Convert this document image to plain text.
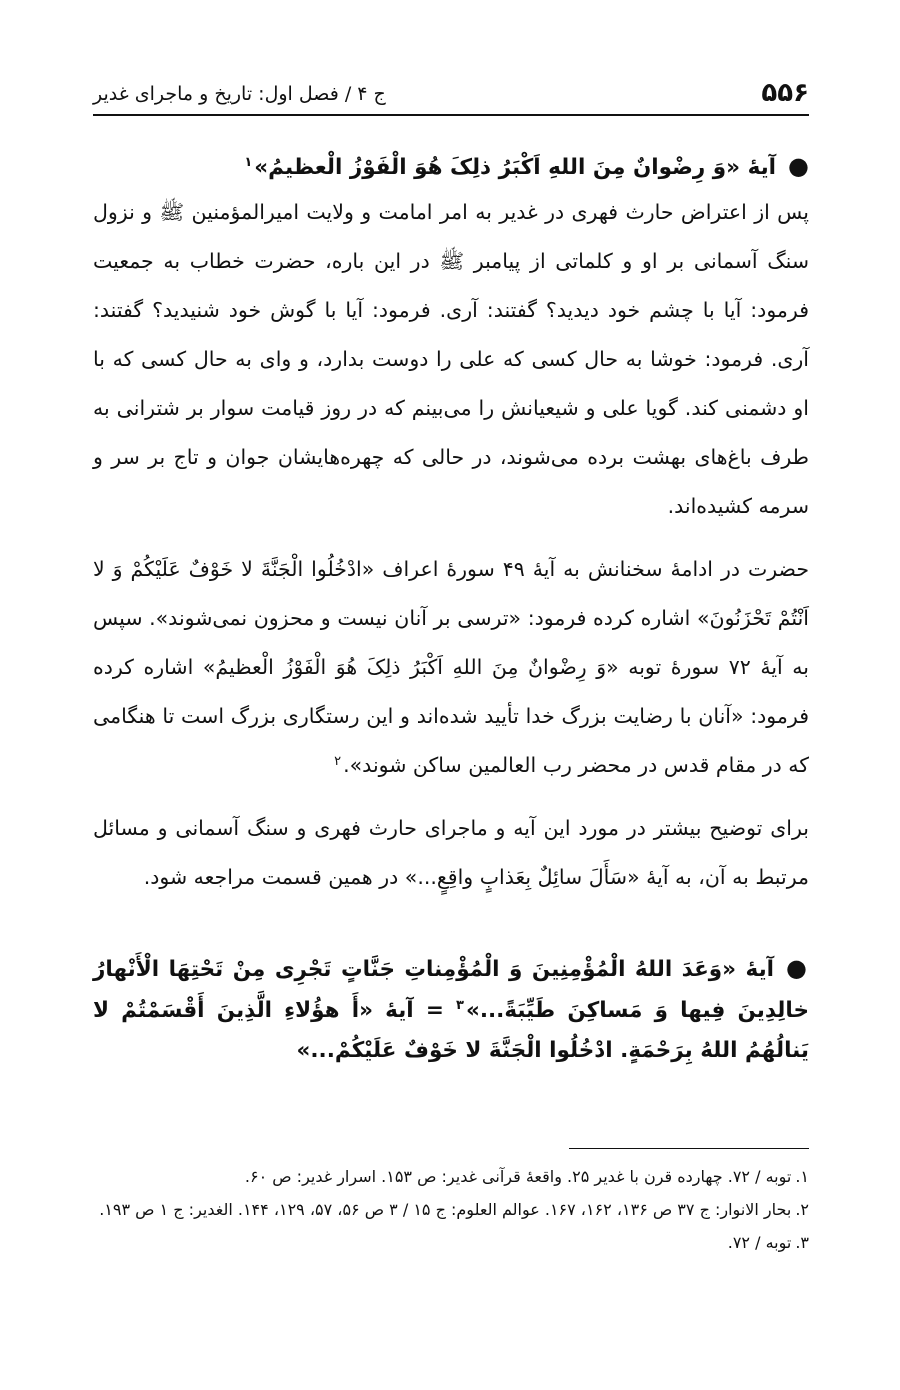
۵۵۶
ج ۴ / فصل اول: تاریخ و ماجرای غدیر

●آیهٔ «وَ رِضْوانٌ مِنَ اللهِ اَکْبَرُ ذلِکَ هُوَ الْفَوْزُ الْعظیمُ»$^۱$

پس از اعتراض حارث فهری در غدیر به امر امامت و ولایت امیرالمؤمنین ﷺ و نزول سنگ آسمانی بر او و کلماتی از پیامبر ﷺ در این باره، حضرت خطاب به جمعیت فرمود: آیا با چشم خود دیدید؟ گفتند: آری. فرمود: آیا با گوش خود شنیدید؟ گفتند: آری. فرمود: خوشا به حال کسی که علی را دوست بدارد، و وای به حال کسی که با او دشمنی کند. گویا علی و شیعیانش را می‌بینم که در روز قیامت سوار بر شترانی به طرف باغ‌های بهشت برده می‌شوند، در حالی که چهره‌هایشان جوان و تاج بر سر و سرمه کشیده‌اند.

حضرت در ادامهٔ سخنانش به آیهٔ ۴۹ سورهٔ اعراف «ادْخُلُوا الْجَنَّةَ لا خَوْفٌ عَلَیْکُمْ وَ لا اَنْتُمْ تَحْزَنُونَ» اشاره کرده فرمود: «ترسی بر آنان نیست و محزون نمی‌شوند». سپس به آیهٔ ۷۲ سورهٔ توبه «وَ رِضْوانٌ مِنَ اللهِ اَکْبَرُ ذلِکَ هُوَ الْفَوْزُ الْعظیمُ» اشاره کرده فرمود: «آنان با رضایت بزرگ خدا تأیید شده‌اند و این رستگاری بزرگ است تا هنگامی که در مقام قدس در محضر رب العالمین ساکن شوند».$^۲$

برای توضیح بیشتر در مورد این آیه و ماجرای حارث فهری و سنگ آسمانی و مسائل مرتبط به آن، به آیهٔ «سَأَلَ سائِلٌ بِعَذابٍ واقِعٍ...» در همین قسمت مراجعه شود.

●آیهٔ «وَعَدَ اللهُ الْمُؤْمِنِینَ وَ الْمُؤْمِناتِ جَنَّاتٍ تَجْرِی مِنْ تَحْتِهَا الْأَنْهارُ خالِدِینَ فِیها وَ مَساکِنَ طَیِّبَةً...»$^۳$ = آیهٔ «أَ هؤُلاءِ الَّذِینَ أَقْسَمْتُمْ لا یَنالُهُمُ اللهُ بِرَحْمَةٍ. ادْخُلُوا الْجَنَّةَ لا خَوْفٌ عَلَیْکُمْ...»

۱.توبه / ۷۲. چهارده قرن با غدیر ۲۵. واقعهٔ قرآنی غدیر: ص ۱۵۳. اسرار غدیر: ص ۶۰.

۲.بحار الانوار: ج ۳۷ ص ۱۳۶، ۱۶۲، ۱۶۷. عوالم العلوم: ج ۱۵ / ۳ ص ۵۶، ۵۷، ۱۲۹، ۱۴۴. الغدیر: ج ۱ ص ۱۹۳.

۳.توبه / ۷۲.
